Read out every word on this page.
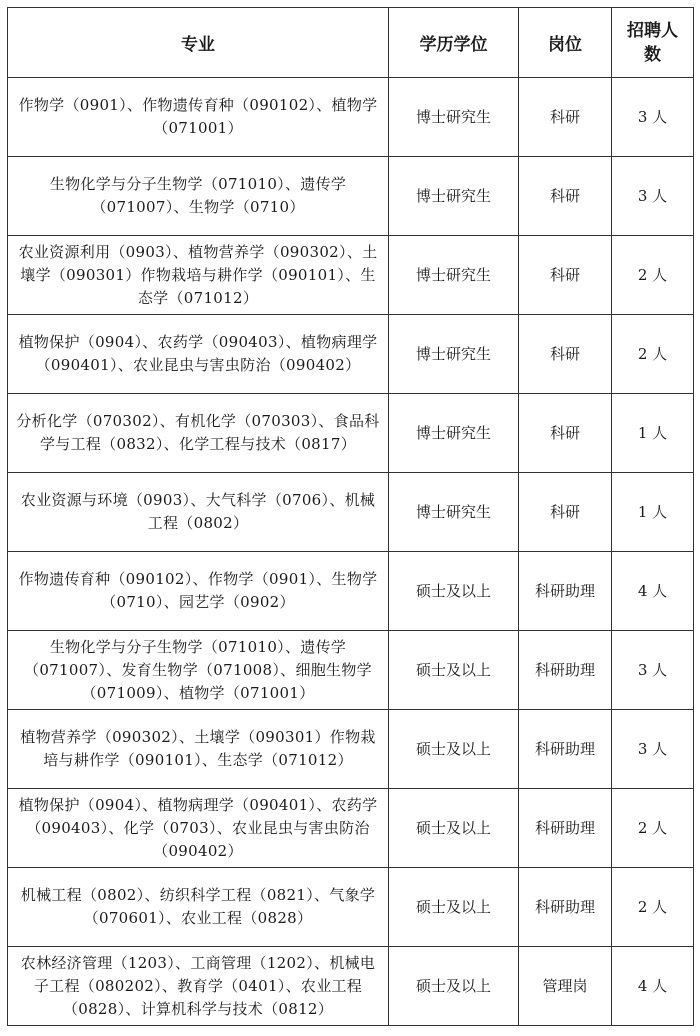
专业	学历学位	岗位	招聘人数
作物学（0901）、作物遗传育种（090102）、植物学（071001）	博士研究生	科研	3 人
生物化学与分子生物学（071010）、遗传学（071007）、生物学（0710）	博士研究生	科研	3 人
农业资源利用（0903）、植物营养学（090302）、土壤学（090301）作物栽培与耕作学（090101）、生态学（071012）	博士研究生	科研	2 人
植物保护（0904）、农药学（090403）、植物病理学（090401）、农业昆虫与害虫防治（090402）	博士研究生	科研	2 人
分析化学（070302）、有机化学（070303）、食品科学与工程（0832）、化学工程与技术（0817）	博士研究生	科研	1 人
农业资源与环境（0903）、大气科学（0706）、机械工程（0802）	博士研究生	科研	1 人
作物遗传育种（090102）、作物学（0901）、生物学（0710）、园艺学（0902）	硕士及以上	科研助理	4 人
生物化学与分子生物学（071010）、遗传学（071007）、发育生物学（071008）、细胞生物学（071009）、植物学（071001）	硕士及以上	科研助理	3 人
植物营养学（090302）、土壤学（090301）作物栽培与耕作学（090101）、生态学（071012）	硕士及以上	科研助理	3 人
植物保护（0904）、植物病理学（090401）、农药学（090403）、化学（0703）、农业昆虫与害虫防治（090402）	硕士及以上	科研助理	2 人
机械工程（0802）、纺织科学工程（0821）、气象学（070601）、农业工程（0828）	硕士及以上	科研助理	2 人
农林经济管理（1203）、工商管理（1202）、机械电子工程（080202）、教育学（0401）、农业工程（0828）、计算机科学与技术（0812）	硕士及以上	管理岗	4 人
